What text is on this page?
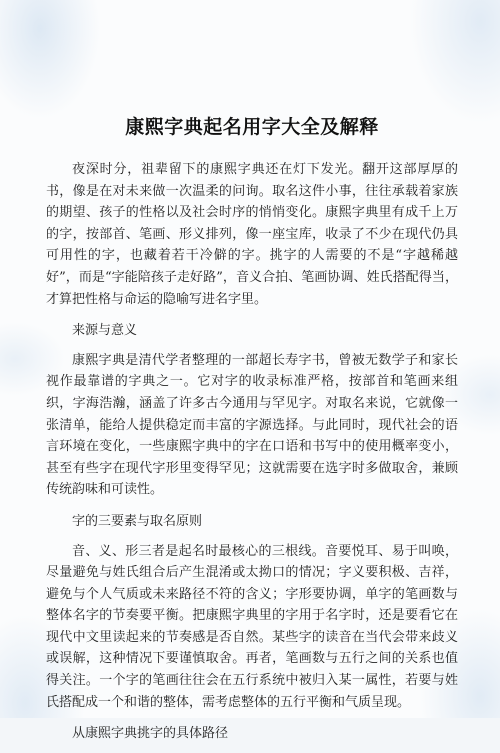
康熙字典起名用字大全及解释

夜深时分，祖辈留下的康熙字典还在灯下发光。翻开这部厚厚的书，像是在对未来做一次温柔的问询。取名这件小事，往往承载着家族的期望、孩子的性格以及社会时序的悄悄变化。康熙字典里有成千上万的字，按部首、笔画、形义排列，像一座宝库，收录了不少在现代仍具可用性的字，也藏着若干冷僻的字。挑字的人需要的不是“字越稀越好”，而是“字能陪孩子走好路”，音义合拍、笔画协调、姓氏搭配得当，才算把性格与命运的隐喻写进名字里。

来源与意义

康熙字典是清代学者整理的一部超长寿字书，曾被无数学子和家长视作最靠谱的字典之一。它对字的收录标准严格，按部首和笔画来组织，字海浩瀚，涵盖了许多古今通用与罕见字。对取名来说，它就像一张清单，能给人提供稳定而丰富的字源选择。与此同时，现代社会的语言环境在变化，一些康熙字典中的字在口语和书写中的使用概率变小，甚至有些字在现代字形里变得罕见；这就需要在选字时多做取舍，兼顾传统韵味和可读性。

字的三要素与取名原则

音、义、形三者是起名时最核心的三根线。音要悦耳、易于叫唤，尽量避免与姓氏组合后产生混淆或太拗口的情况；字义要积极、吉祥，避免与个人气质或未来路径不符的含义；字形要协调，单字的笔画数与整体名字的节奏要平衡。把康熙字典里的字用于名字时，还是要看它在现代中文里读起来的节奏感是否自然。某些字的读音在当代会带来歧义或误解，这种情况下要谨慎取舍。再者，笔画数与五行之间的关系也值得关注。一个字的笔画往往会在五行系统中被归入某一属性，若要与姓氏搭配成一个和谐的整体，需考虑整体的五行平衡和气质呈现。

从康熙字典挑字的具体路径
